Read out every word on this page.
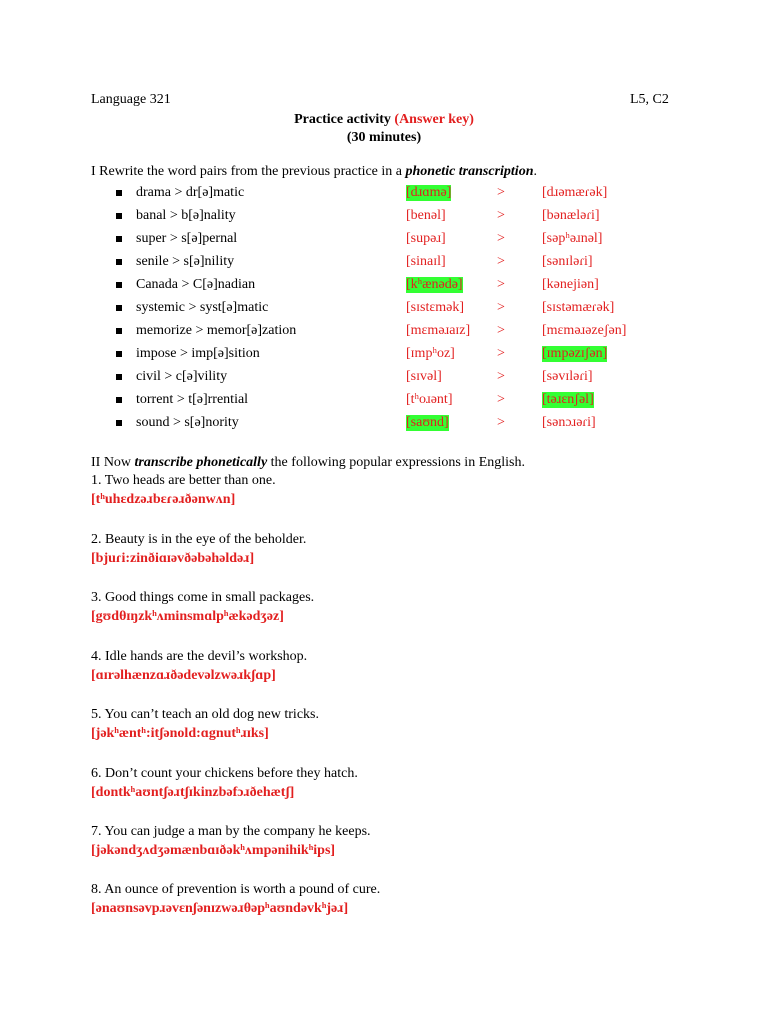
Language 321	L5, C2
Practice activity (Answer key)
(30 minutes)
I Rewrite the word pairs from the previous practice in a phonetic transcription.
drama > dr[ə]matic	[dɹɑmə]	>	[dɹəmæɾək]
banal > b[ə]nality	[benəl]	>	[bənæləɾi]
super > s[ə]pernal	[supəɹ]	>	[səpʰəɹnəl]
senile > s[ə]nility	[sinaɪl]	>	[sənɪləɾi]
Canada > C[ə]nadian	[kʰænədə] >	[kənejiən]
systemic > syst[ə]matic	[sɪstɛmək] >	[sɪstəmæɾək]
memorize > memor[ə]zation	[mɛməɹaɪz] >	[mɛməɹəzeʃən]
impose > imp[ə]sition	[ɪmpʰoz]	>	[ɪmpəzɪʃən]
civil > c[ə]vility	[sɪvəl]	>	[səvɪləɾi]
torrent > t[ə]rrential	[tʰoɹənt]	>	[təɹɛnʃəl]
sound > s[ə]nority	[saʊnd]	>	[sənɔɹəɾi]
II Now transcribe phonetically the following popular expressions in English.
1. Two heads are better than one.
[tʰuhɛdzəɹbɛɾəɹðənwʌn]
2. Beauty is in the eye of the beholder.
[bjuɾi:zinðiɑɪəvðəbəhəldəɹ]
3. Good things come in small packages.
[gʊdθɪŋzkʰʌminsmɑlpʰækədʒəz]
4. Idle hands are the devil’s workshop.
[ɑɪrəlhænzɑɹðədevəlzwəɹkʃɑp]
5. You can’t teach an old dog new tricks.
[jəkʰæntʰ:itʃənold:ɑgnutʰɹɪks]
6. Don’t count your chickens before they hatch.
[dontkʰaʊntʃəɹtʃɪkinzbəfɔɹðehætʃ]
7. You can judge a man by the company he keeps.
[jəkəndʒʌdʒəmænbɑɪðəkʰʌmpənihikʰips]
8. An ounce of prevention is worth a pound of cure.
[ənaʊnsəvpɹəvɛnʃənɪzwəɹθəpʰaʊndəvkʰjəɹ]
